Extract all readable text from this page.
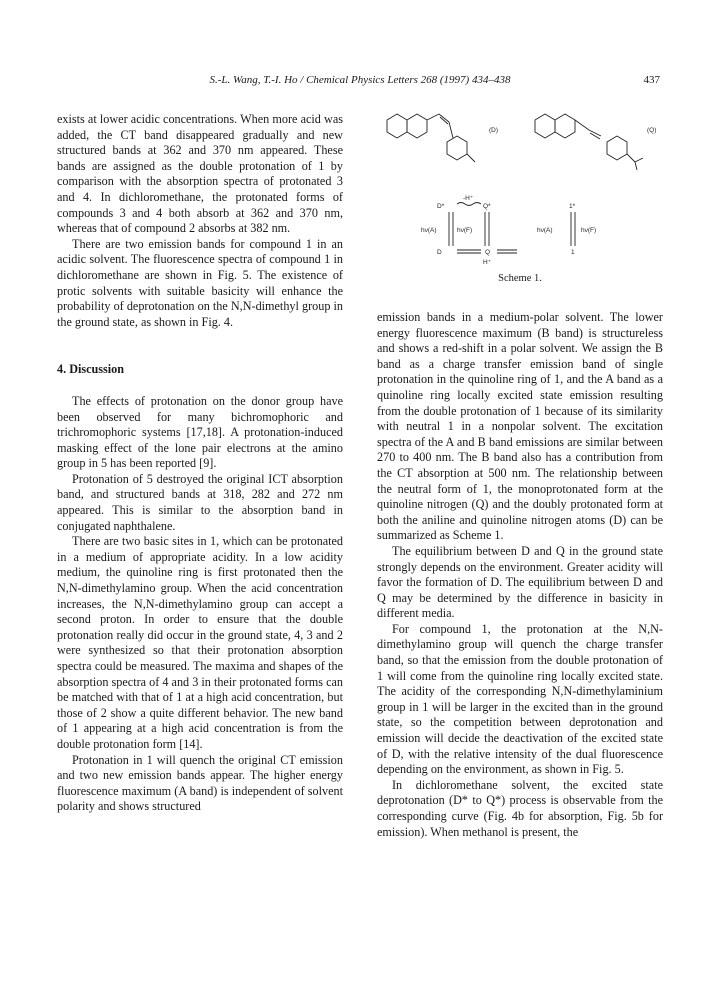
S.-L. Wang, T.-I. Ho / Chemical Physics Letters 268 (1997) 434–438	437

exists at lower acidic concentrations. When more acid was added, the CT band disappeared gradually and new structured bands at 362 and 370 nm appeared. These bands are assigned as the double protonation of 1 by comparison with the absorption spectra of protonated 3 and 4. In dichloromethane, the protonated forms of compounds 3 and 4 both absorb at 362 and 370 nm, whereas that of compound 2 absorbs at 382 nm.

There are two emission bands for compound 1 in an acidic solvent. The fluorescence spectra of compound 1 in dichloromethane are shown in Fig. 5. The existence of protic solvents with suitable basicity will enhance the probability of deprotonation on the N,N-dimethyl group in the ground state, as shown in Fig. 4.

4. Discussion

The effects of protonation on the donor group have been observed for many bichromophoric and trichromophoric systems [17,18]. A protonation-induced masking effect of the lone pair electrons at the amino group in 5 has been reported [9].

Protonation of 5 destroyed the original ICT absorption band, and structured bands at 318, 282 and 272 nm appeared. This is similar to the absorption band in conjugated naphthalene.

There are two basic sites in 1, which can be protonated in a medium of appropriate acidity. In a low acidity medium, the quinoline ring is first protonated then the N,N-dimethylamino group. When the acid concentration increases, the N,N-dimethylamino group can accept a second proton. In order to ensure that the double protonation really did occur in the ground state, 4, 3 and 2 were synthesized so that their protonation absorption spectra could be measured. The maxima and shapes of the absorption spectra of 4 and 3 in their protonated forms can be matched with that of 1 at a high acid concentration, but those of 2 show a quite different behavior. The new band of 1 appearing at a high acid concentration is from the double protonation form [14].

Protonation in 1 will quench the original CT emission and two new emission bands appear. The higher energy fluorescence maximum (A band) is independent of solvent polarity and shows structured

(D)	(Q)
-H⁺
D*	Q*	1*
hν(A)	hν(F)	hν(A)	hν(F)
D	Q	1
H⁺
Scheme 1.

emission bands in a medium-polar solvent. The lower energy fluorescence maximum (B band) is structureless and shows a red-shift in a polar solvent. We assign the B band as a charge transfer emission band of single protonation in the quinoline ring of 1, and the A band as a quinoline ring locally excited state emission resulting from the double protonation of 1 because of its similarity with neutral 1 in a nonpolar solvent. The excitation spectra of the A and B band emissions are similar between 270 to 400 nm. The B band also has a contribution from the CT absorption at 500 nm. The relationship between the neutral form of 1, the monoprotonated form at the quinoline nitrogen (Q) and the doubly protonated form at both the aniline and quinoline nitrogen atoms (D) can be summarized as Scheme 1.

The equilibrium between D and Q in the ground state strongly depends on the environment. Greater acidity will favor the formation of D. The equilibrium between D and Q may be determined by the difference in basicity in different media.

For compound 1, the protonation at the N,N-dimethylamino group will quench the charge transfer band, so that the emission from the double protonation of 1 will come from the quinoline ring locally excited state. The acidity of the corresponding N,N-dimethylaminium group in 1 will be larger in the excited than in the ground state, so the competition between deprotonation and emission will decide the deactivation of the excited state of D, with the relative intensity of the dual fluorescence depending on the environment, as shown in Fig. 5.

In dichloromethane solvent, the excited state deprotonation (D* to Q*) process is observable from the corresponding curve (Fig. 4b for absorption, Fig. 5b for emission). When methanol is present, the
